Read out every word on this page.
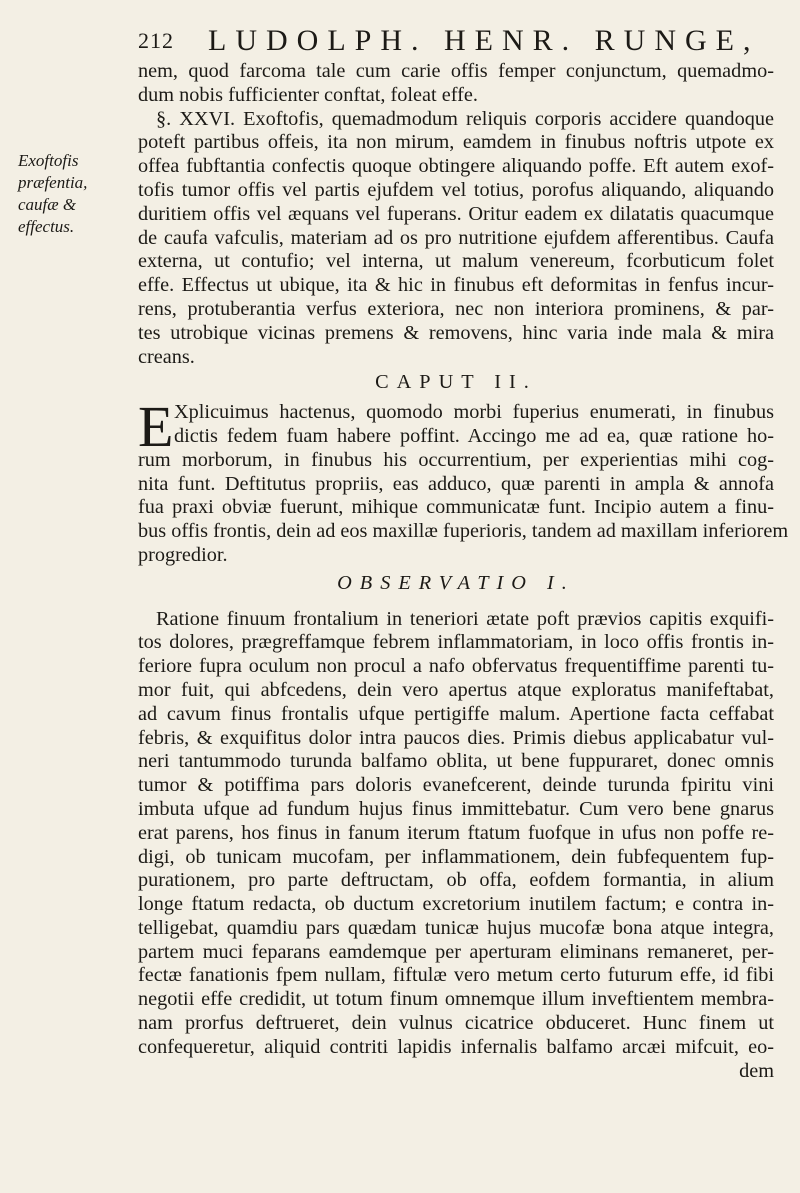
212 LUDOLPH. HENR. RUNGE,
Exoftofis
præfentia,
caufæ &
effectus.
nem, quod farcoma tale cum carie offis femper conjunctum, quemadmo-
dum nobis fufficienter conftat, foleat effe.
§. XXVI. Exoftofis, quemadmodum reliquis corporis accidere quandoque
poteft partibus offeis, ita non mirum, eamdem in finubus noftris utpote ex
offea fubftantia confectis quoque obtingere aliquando poffe. Eft autem exof-
tofis tumor offis vel partis ejufdem vel totius, porofus aliquando, aliquando
duritiem offis vel æquans vel fuperans. Oritur eadem ex dilatatis quacumque
de caufa vafculis, materiam ad os pro nutritione ejufdem afferentibus. Caufa
externa, ut contufio; vel interna, ut malum venereum, fcorbuticum folet
effe. Effectus ut ubique, ita & hic in finubus eft deformitas in fenfus incur-
rens, protuberantia verfus exteriora, nec non interiora prominens, & par-
tes utrobique vicinas premens & removens, hinc varia inde mala & mira
creans.
CAPUT II.
E Xplicuimus hactenus, quomodo morbi fuperius enumerati, in finubus
dictis fedem fuam habere poffint. Accingo me ad ea, quæ ratione ho-
rum morborum, in finubus his occurrentium, per experientias mihi cog-
nita funt. Deftitutus propriis, eas adduco, quæ parenti in ampla & annofa
fua praxi obviæ fuerunt, mihique communicatæ funt. Incipio autem a finu-
bus offis frontis, dein ad eos maxillæ fuperioris, tandem ad maxillam inferiorem
progredior.
OBSERVATIO I.
Ratione finuum frontalium in teneriori ætate poft prævios capitis exquifi-
tos dolores, prægreffamque febrem inflammatoriam, in loco offis frontis in-
feriore fupra oculum non procul a nafo obfervatus frequentiffime parenti tu-
mor fuit, qui abfcedens, dein vero apertus atque exploratus manifeftabat,
ad cavum finus frontalis ufque pertigiffe malum. Apertione facta ceffabat
febris, & exquifitus dolor intra paucos dies. Primis diebus applicabatur vul-
neri tantummodo turunda balfamo oblita, ut bene fuppuraret, donec omnis
tumor & potiffima pars doloris evanefcerent, deinde turunda fpiritu vini
imbuta ufque ad fundum hujus finus immittebatur. Cum vero bene gnarus
erat parens, hos finus in fanum iterum ftatum fuofque in ufus non poffe re-
digi, ob tunicam mucofam, per inflammationem, dein fubfequentem fup-
purationem, pro parte deftructam, ob offa, eofdem formantia, in alium
longe ftatum redacta, ob ductum excretorium inutilem factum; e contra in-
telligebat, quamdiu pars quædam tunicæ hujus mucofæ bona atque integra,
partem muci feparans eamdemque per aperturam eliminans remaneret, per-
fectæ fanationis fpem nullam, fiftulæ vero metum certo futurum effe, id fibi
negotii effe credidit, ut totum finum omnemque illum inveftientem membra-
nam prorfus deftrueret, dein vulnus cicatrice obduceret. Hunc finem ut
confequeretur, aliquid contriti lapidis infernalis balfamo arcæi mifcuit, eo-
dem
